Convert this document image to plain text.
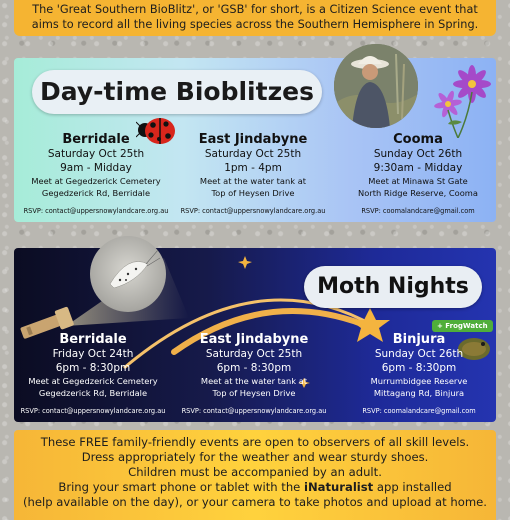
The 'Great Southern BioBlitz', or 'GSB' for short, is a Citizen Science event that
aims to record all the living species across the Southern Hemisphere in Spring.
Day-time Bioblitzes
Berridale
Saturday Oct 25th
9am - Midday
Meet at Gegedzerick Cemetery
Gegedzerick Rd, Berridale
RSVP: contact@uppersnowylandcare.org.au
East Jindabyne
Saturday Oct 25th
1pm - 4pm
Meet at the water tank at
Top of Heysen Drive
RSVP: contact@uppersnowylandcare.org.au
Cooma
Sunday Oct 26th
9:30am - Midday
Meet at Minawa St Gate
North Ridge Reserve, Cooma
RSVP: coomalandcare@gmail.com
Moth Nights
+ FrogWatch
Berridale
Friday Oct 24th
6pm - 8:30pm
Meet at Gegedzerick Cemetery
Gegedzerick Rd, Berridale
RSVP: contact@uppersnowylandcare.org.au
East Jindabyne
Saturday Oct 25th
6pm - 8:30pm
Meet at the water tank at
Top of Heysen Drive
RSVP: contact@uppersnowylandcare.org.au
Binjura
Sunday Oct 26th
6pm - 8:30pm
Murrumbidgee Reserve
Mittagang Rd, Binjura
RSVP: coomalandcare@gmail.com
These FREE family-friendly events are open to observers of all skill levels.
Dress appropriately for the weather and wear sturdy shoes.
Children must be accompanied by an adult.
Bring your smart phone or tablet with the iNaturalist app installed
(help available on the day), or your camera to take photos and upload at home.
